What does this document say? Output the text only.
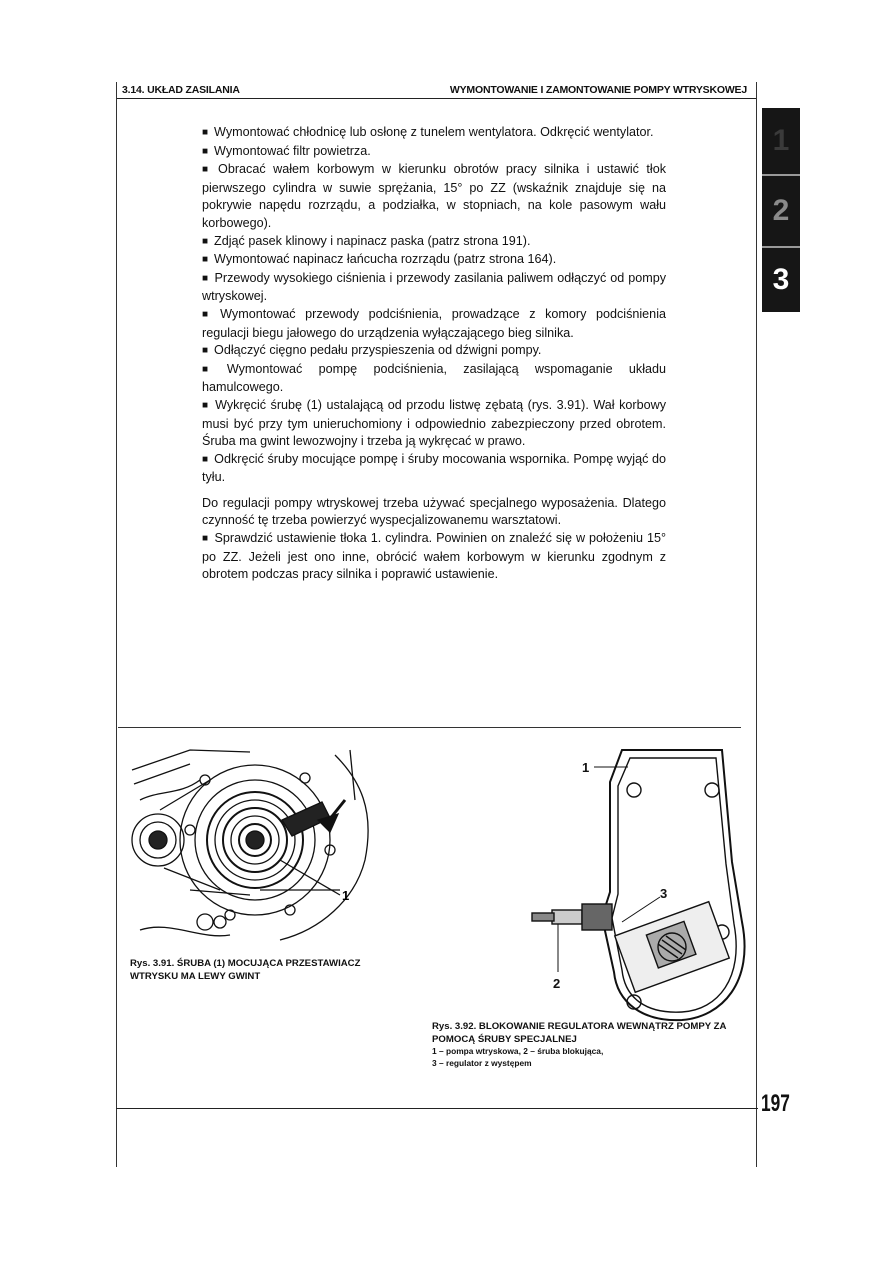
3.14. UKŁAD ZASILANIA	WYMONTOWANIE I ZAMONTOWANIE POMPY WTRYSKOWEJ
1
2
3

■ Wymontować chłodnicę lub osłonę z tunelem wentylatora. Odkręcić wentylator.

■ Wymontować filtr powietrza.

■ Obracać wałem korbowym w kierunku obrotów pracy silnika i ustawić tłok pierwszego cylindra w suwie sprężania, 15° po ZZ (wskaźnik znajduje się na pokrywie napędu rozrządu, a podziałka, w stopniach, na kole pasowym wału korbowego).

■ Zdjąć pasek klinowy i napinacz paska (patrz strona 191).

■ Wymontować napinacz łańcucha rozrządu (patrz strona 164).

■ Przewody wysokiego ciśnienia i przewody zasilania paliwem odłączyć od pompy wtryskowej.

■ Wymontować przewody podciśnienia, prowadzące z komory podciśnienia regulacji biegu jałowego do urządzenia wyłączającego bieg silnika.

■ Odłączyć cięgno pedału przyspieszenia od dźwigni pompy.

■ Wymontować pompę podciśnienia, zasilającą wspomaganie układu hamulcowego.

■ Wykręcić śrubę (1) ustalającą od przodu listwę zębatą (rys. 3.91). Wał korbowy musi być przy tym unieruchomiony i odpowiednio zabezpieczony przed obrotem. Śruba ma gwint lewozwojny i trzeba ją wykręcać w prawo.

■ Odkręcić śruby mocujące pompę i śruby mocowania wspornika. Pompę wyjąć do tyłu.

Do regulacji pompy wtryskowej trzeba używać specjalnego wyposażenia. Dlatego czynność tę trzeba powierzyć wyspecjalizowanemu warsztatowi.

■ Sprawdzić ustawienie tłoka 1. cylindra. Powinien on znaleźć się w położeniu 15° po ZZ. Jeżeli jest ono inne, obrócić wałem korbowym w kierunku zgodnym z obrotem podczas pracy silnika i poprawić ustawienie.

1
Rys. 3.91. ŚRUBA (1) MOCUJĄCA PRZESTAWIACZ WTRYSKU MA LEWY GWINT
1
3
2
Rys. 3.92. BLOKOWANIE REGULATORA WEWNĄTRZ POMPY ZA POMOCĄ ŚRUBY SPECJALNEJ
1 – pompa wtryskowa, 2 – śruba blokująca,
3 – regulator z występem
197
